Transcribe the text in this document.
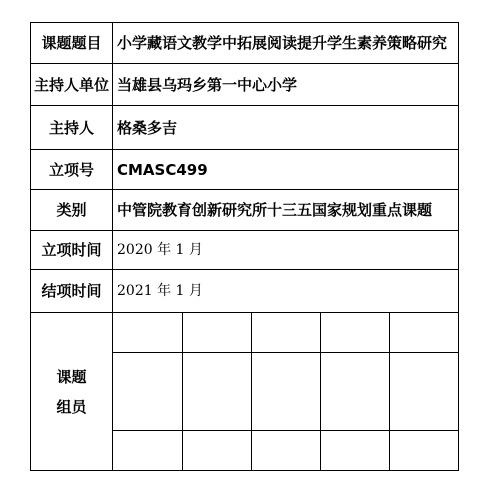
课题题目	小学藏语文教学中拓展阅读提升学生素养策略研究
主持人单位	当雄县乌玛乡第一中心小学
主持人	格桑多吉
立项号	CMASC499
类别	中管院教育创新研究所十三五国家规划重点课题
立项时间	2020 年 1 月
结项时间	2021 年 1 月

课题
组员
